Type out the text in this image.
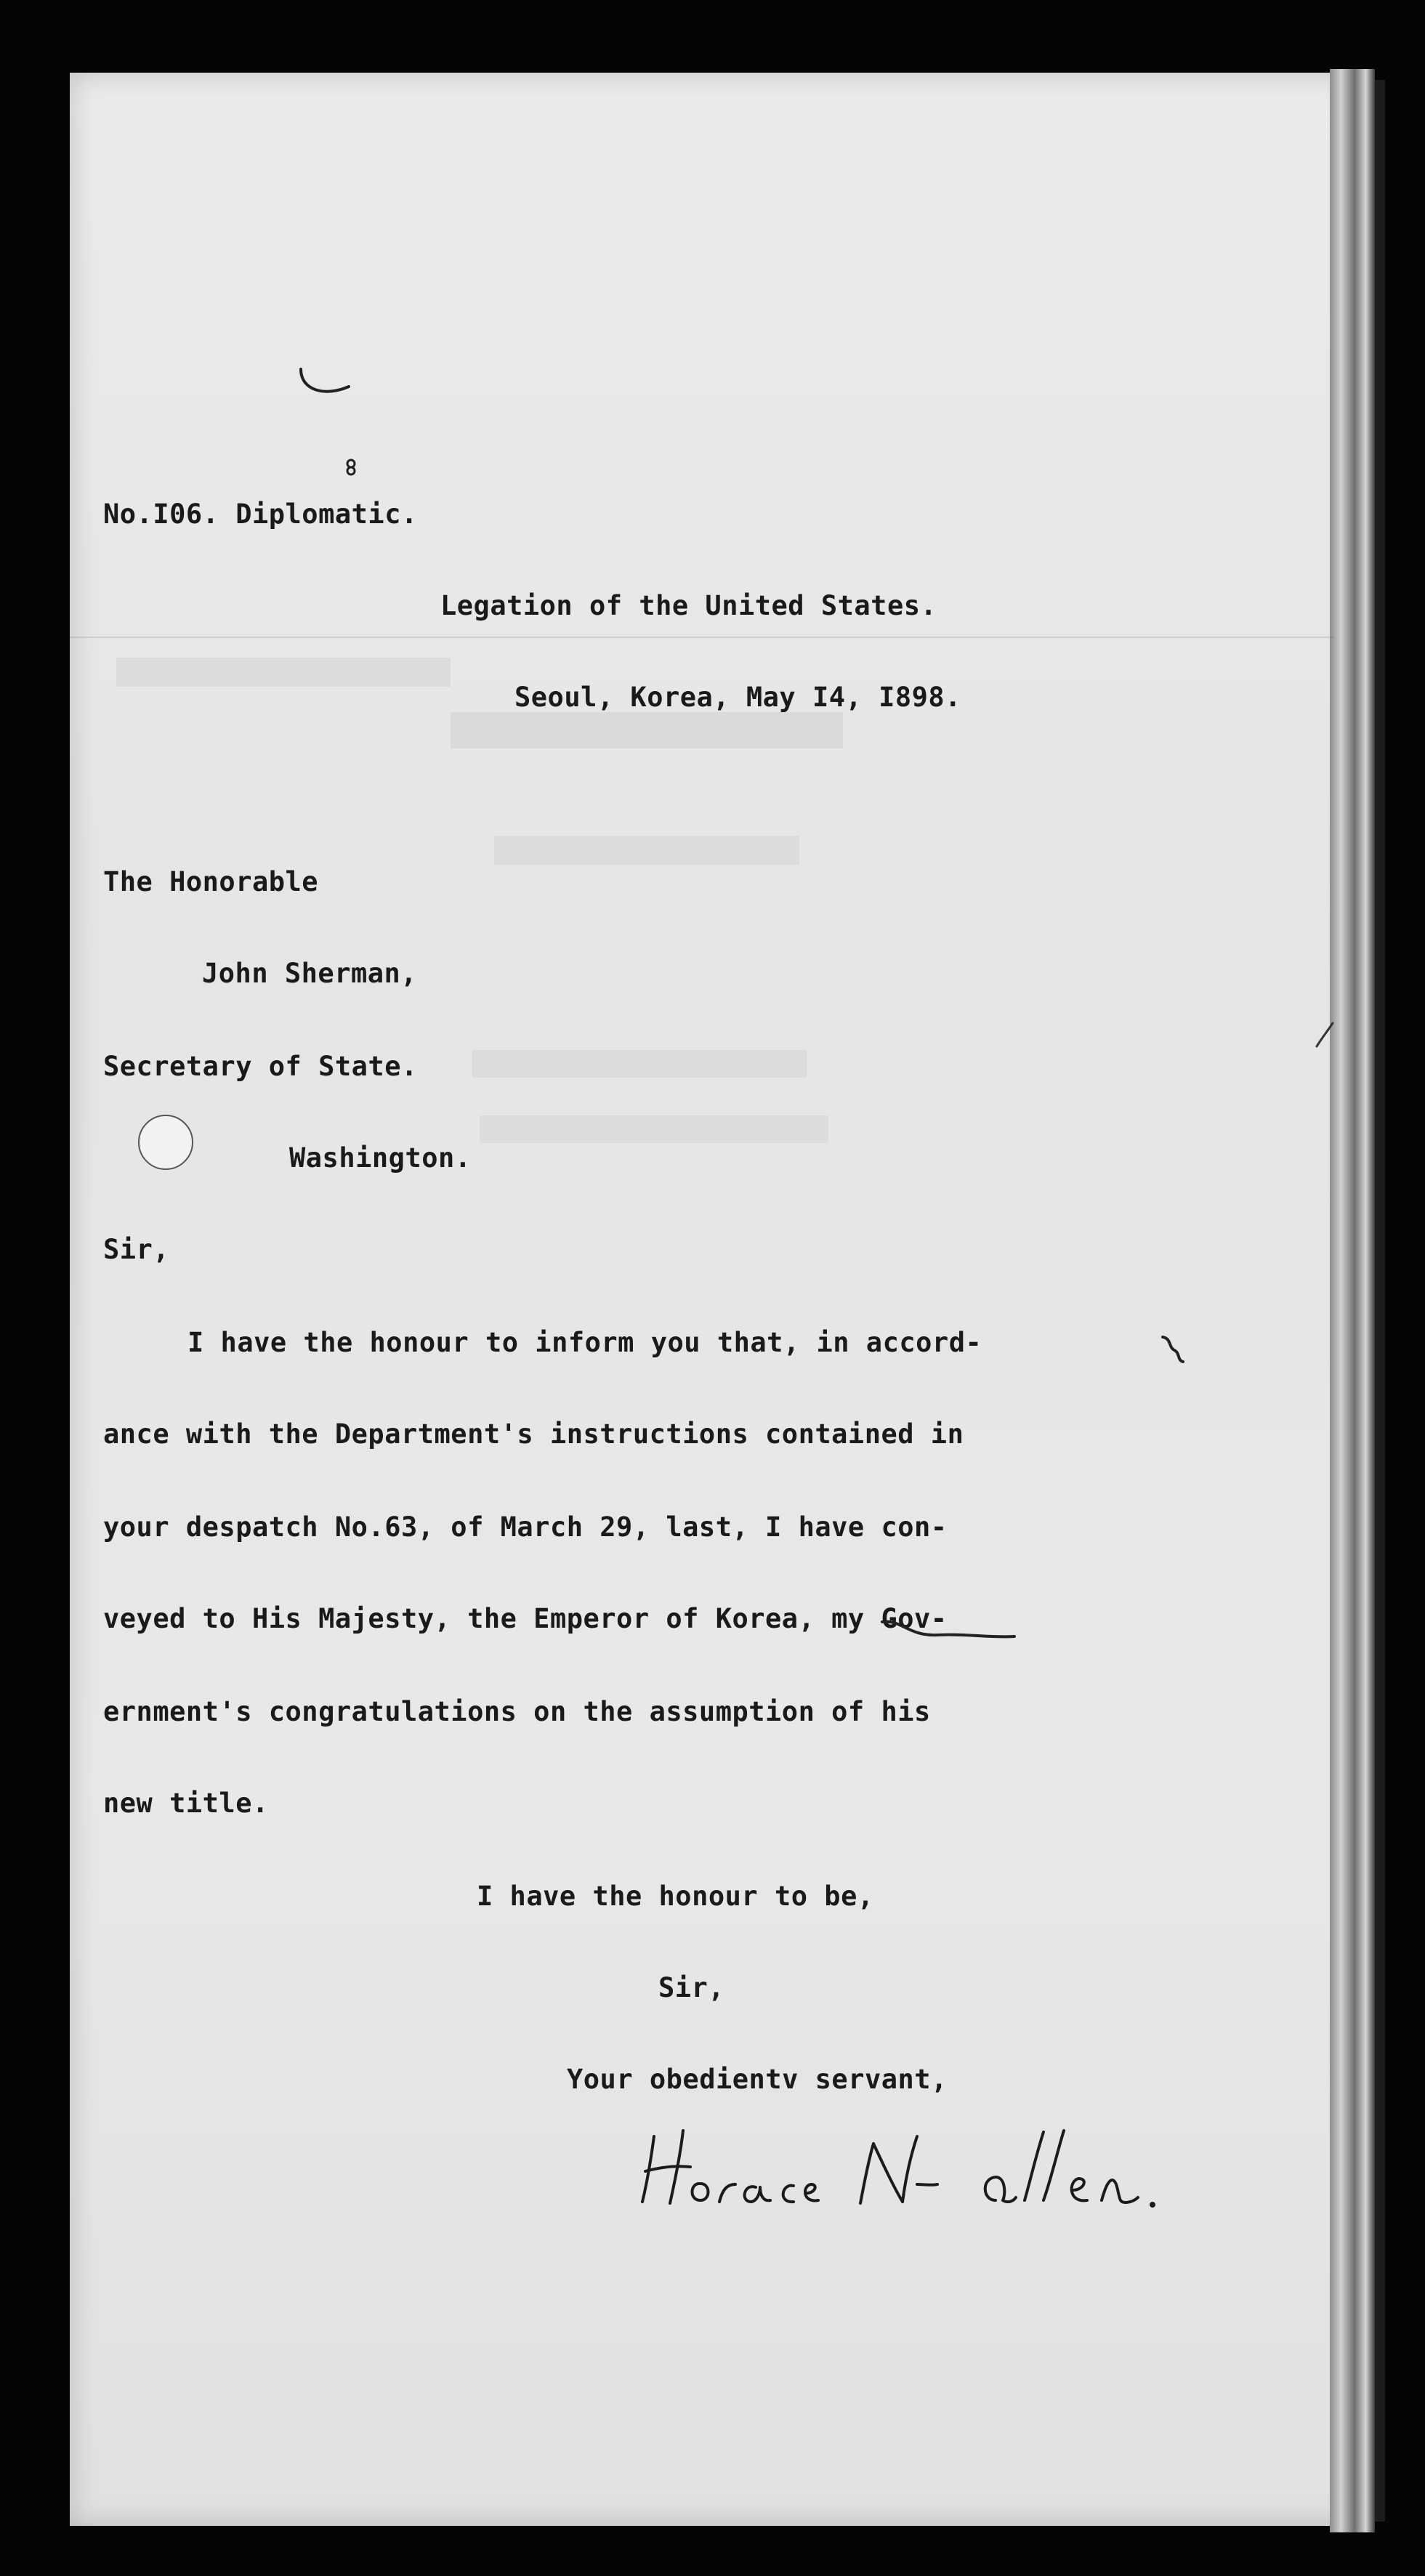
No.I06. Diplomatic.
Legation of the United States.
Seoul, Korea, May I4, I898.
The Honorable
John Sherman,
Secretary of State.
Washington.
Sir,
I have the honour to inform you that, in accord-
ance with the Department's instructions contained in
your despatch No.63, of March 29, last, I have con-
veyed to His Majesty, the Emperor of Korea, my Gov-
ernment's congratulations on the assumption of his
new title.
I have the honour to be,
Sir,
Your obedientv servant,
